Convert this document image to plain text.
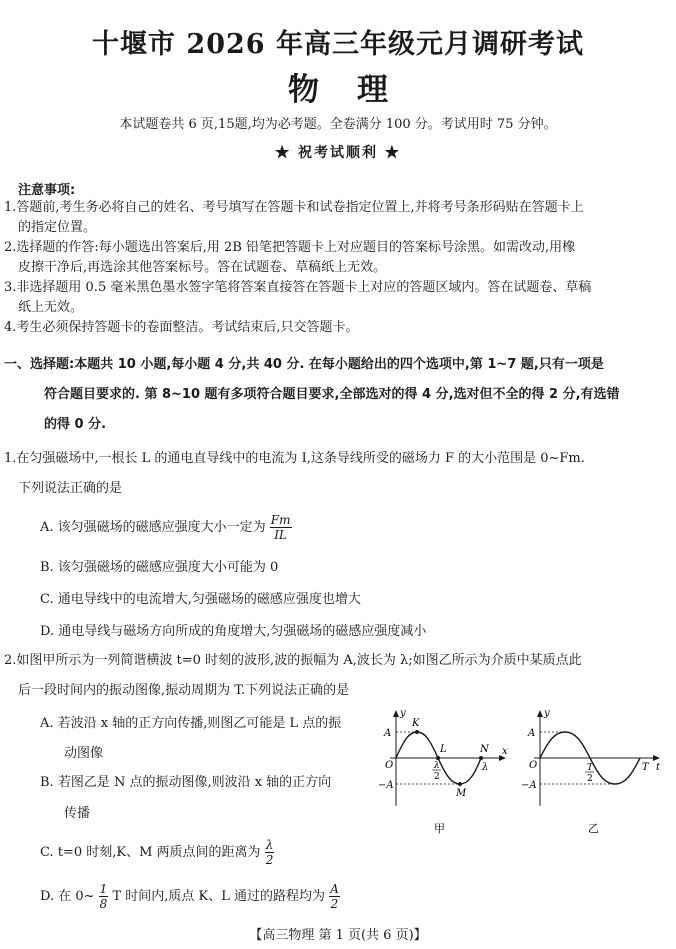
十堰市 2026 年高三年级元月调研考试
物理
本试题卷共 6 页,15题,均为必考题。全卷满分 100 分。考试用时 75 分钟。
★ 祝考试顺利 ★
注意事项:
1.答题前,考生务必将自己的姓名、考号填写在答题卡和试卷指定位置上,并将考号条形码贴在答题卡上
的指定位置。
2.选择题的作答:每小题选出答案后,用 2B 铅笔把答题卡上对应题目的答案标号涂黑。如需改动,用橡
皮擦干净后,再选涂其他答案标号。答在试题卷、草稿纸上无效。
3.非选择题用 0.5 毫米黑色墨水签字笔将答案直接答在答题卡上对应的答题区域内。答在试题卷、草稿
纸上无效。
4.考生必须保持答题卡的卷面整洁。考试结束后,只交答题卡。
一、选择题:本题共 10 小题,每小题 4 分,共 40 分. 在每小题给出的四个选项中,第 1~7 题,只有一项是
符合题目要求的. 第 8~10 题有多项符合题目要求,全部选对的得 4 分,选对但不全的得 2 分,有选错
的得 0 分.
1.在匀强磁场中,一根长 L 的通电直导线中的电流为 I,这条导线所受的磁场力 F 的大小范围是 0~Fm.
下列说法正确的是
A. 该匀强磁场的磁感应强度大小一定为 $\frac{Fm}{IL}$
B. 该匀强磁场的磁感应强度大小可能为 0
C. 通电导线中的电流增大,匀强磁场的磁感应强度也增大
D. 通电导线与磁场方向所成的角度增大,匀强磁场的磁感应强度减小
2.如图甲所示为一列简谐横波 t=0 时刻的波形,波的振幅为 A,波长为 λ;如图乙所示为介质中某质点此
后一段时间内的振动图像,振动周期为 T.下列说法正确的是
A. 若波沿 x 轴的正方向传播,则图乙可能是 L 点的振
动图像
B. 若图乙是 N 点的振动图像,则波沿 x 轴的正方向
传播
C. t=0 时刻,K、M 两质点间的距离为 $\frac{\lambda}{2}$
D. 在 0~ $\frac{1}{8}$ T 时间内,质点 K、L 通过的路程均为 $\frac{A}{2}$
y
x
O
A
−A
K
L
M
N
λ
2
λ
甲
y
t
O
A
−A
T
2
T
乙
【高三物理 第 1 页(共 6 页)】
